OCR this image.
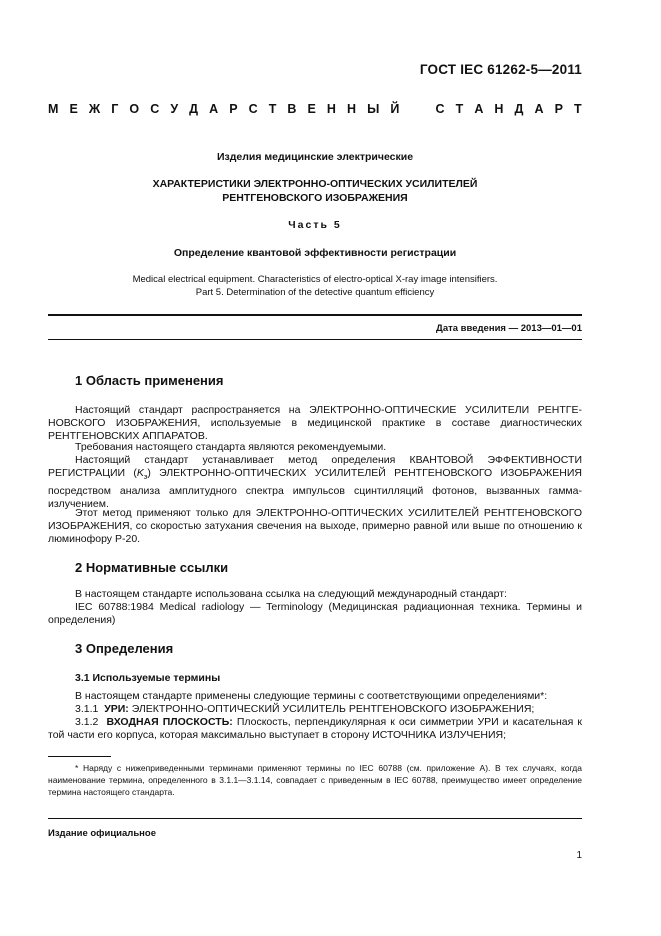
ГОСТ IEC 61262-5—2011
М Е Ж Г О С У Д А Р С Т В Е Н Н Ы Й	С Т А Н Д А Р Т
Изделия медицинские электрические
ХАРАКТЕРИСТИКИ ЭЛЕКТРОННО-ОПТИЧЕСКИХ УСИЛИТЕЛЕЙ
РЕНТГЕНОВСКОГО ИЗОБРАЖЕНИЯ
Часть 5
Определение квантовой эффективности регистрации
Medical electrical equipment. Characteristics of electro-optical X-ray image intensifiers.
Part 5. Determination of the detective quantum efficiency
Дата введения — 2013—01—01
1 Область применения
Настоящий стандарт распространяется на ЭЛЕКТРОННО-ОПТИЧЕСКИЕ УСИЛИТЕЛИ РЕНТГЕНОВСКОГО ИЗОБРАЖЕНИЯ, используемые в медицинской практике в составе диагностических РЕНТГЕНОВСКИХ АППАРАТОВ.
Требования настоящего стандарта являются рекомендуемыми.
Настоящий стандарт устанавливает метод определения КВАНТОВОЙ ЭФФЕКТИВНОСТИ РЕГИСТРАЦИИ $(K_э)$ ЭЛЕКТРОННО-ОПТИЧЕСКИХ УСИЛИТЕЛЕЙ РЕНТГЕНОВСКОГО ИЗОБРАЖЕНИЯ посредством анализа амплитудного спектра импульсов сцинтилляций фотонов, вызванных гамма-излучением.
Этот метод применяют только для ЭЛЕКТРОННО-ОПТИЧЕСКИХ УСИЛИТЕЛЕЙ РЕНТГЕНОВСКОГО ИЗОБРАЖЕНИЯ, со скоростью затухания свечения на выходе, примерно равной или выше по отношению к люминофору Р-20.
2 Нормативные ссылки
В настоящем стандарте использована ссылка на следующий международный стандарт:
IEC 60788:1984 Medical radiology — Terminology (Медицинская радиационная техника. Термины и определения)
3 Определения
3.1 Используемые термины
В настоящем стандарте применены следующие термины с соответствующими определениями*:
3.1.1 УРИ: ЭЛЕКТРОННО-ОПТИЧЕСКИЙ УСИЛИТЕЛЬ РЕНТГЕНОВСКОГО ИЗОБРАЖЕНИЯ;
3.1.2 ВХОДНАЯ ПЛОСКОСТЬ: Плоскость, перпендикулярная к оси симметрии УРИ и касательная к той части его корпуса, которая максимально выступает в сторону ИСТОЧНИКА ИЗЛУЧЕНИЯ;
* Наряду с нижеприведенными терминами применяют термины по IEC 60788 (см. приложение А). В тех случаях, когда наименование термина, определенного в 3.1.1—3.1.14, совпадает с приведенным в IEC 60788, преимущество имеет определение термина настоящего стандарта.
Издание официальное
1
